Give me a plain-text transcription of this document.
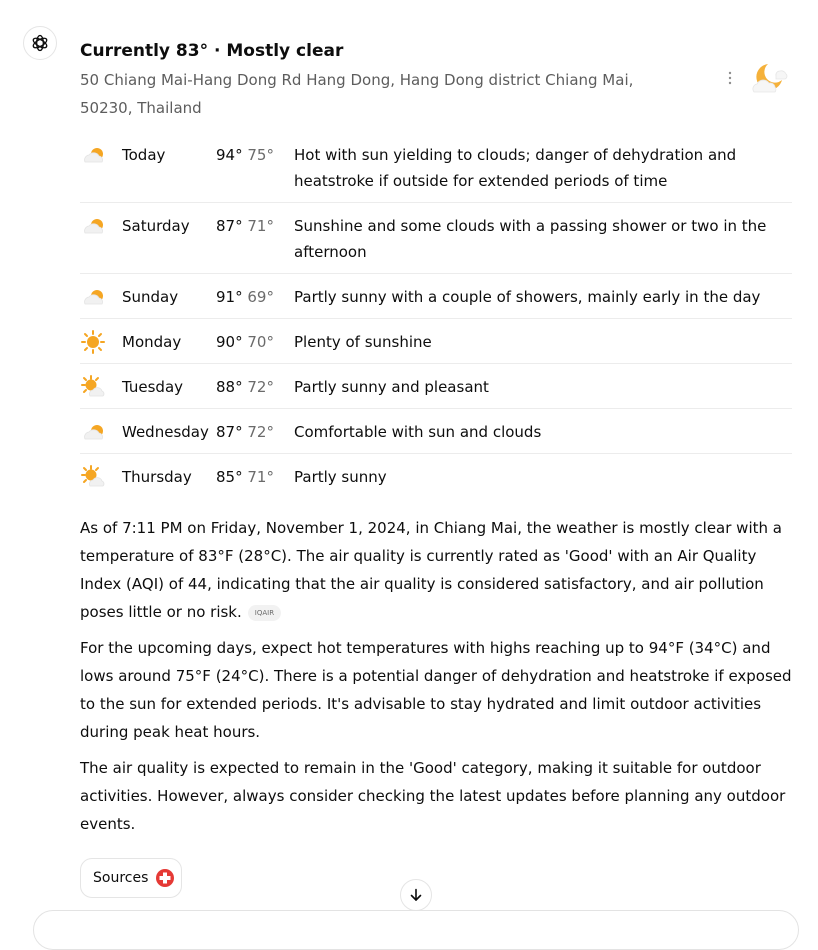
Currently 83° · Mostly clear
50 Chiang Mai-Hang Dong Rd Hang Dong, Hang Dong district Chiang Mai, 50230, Thailand
Today	94° 75°	Hot with sun yielding to clouds; danger of dehydration and heatstroke if outside for extended periods of time
Saturday	87° 71°	Sunshine and some clouds with a passing shower or two in the afternoon
Sunday	91° 69°	Partly sunny with a couple of showers, mainly early in the day
Monday	90° 70°	Plenty of sunshine
Tuesday	88° 72°	Partly sunny and pleasant
Wednesday 87° 72°	Comfortable with sun and clouds
Thursday	85° 71°	Partly sunny

As of 7:11 PM on Friday, November 1, 2024, in Chiang Mai, the weather is mostly clear with a temperature of 83°F (28°C). The air quality is currently rated as 'Good' with an Air Quality Index (AQI) of 44, indicating that the air quality is considered satisfactory, and air pollution poses little or no risk. IQAIR

For the upcoming days, expect hot temperatures with highs reaching up to 94°F (34°C) and lows around 75°F (24°C). There is a potential danger of dehydration and heatstroke if exposed to the sun for extended periods. It's advisable to stay hydrated and limit outdoor activities during peak heat hours.

The air quality is expected to remain in the 'Good' category, making it suitable for outdoor activities. However, always consider checking the latest updates before planning any outdoor events.

Sources
